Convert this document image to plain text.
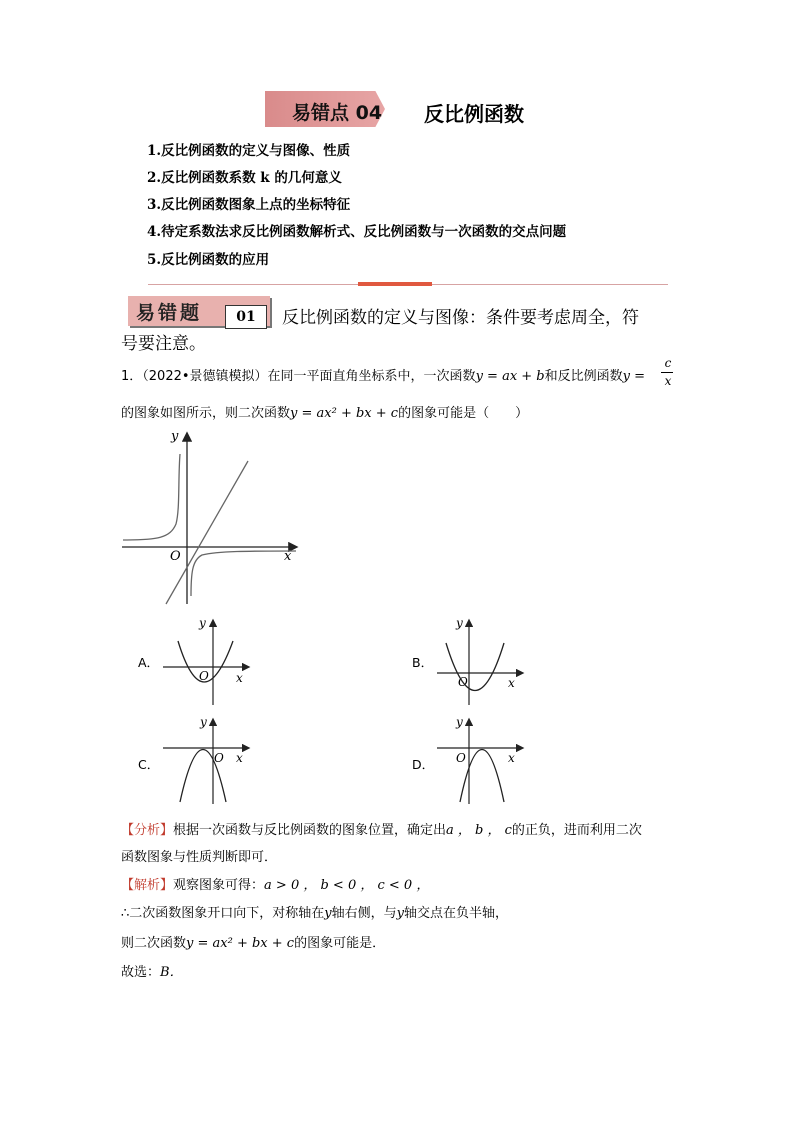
易错点 04 反比例函数
1.反比例函数的定义与图像、性质
2.反比例函数系数 k 的几何意义
3.反比例函数图象上点的坐标特征
4.待定系数法求反比例函数解析式、反比例函数与一次函数的交点问题
5.反比例函数的应用
易错题	01	反比例函数的定义与图像：条件要考虑周全，符
号要注意。
1．（2022•景德镇模拟）在同一平面直角坐标系中，一次函数y = ax + b和反比例函数y =
c
x
的图象如图所示，则二次函数y = ax² + bx + c的图象可能是（　　）
y
x
O
A．
y
x
O
B．
y
x
O
C．
y
x
O	D．
y
x
O
【分析】根据一次函数与反比例函数的图象位置，确定出a ， b ， c的正负，进而利用二次
函数图象与性质判断即可．
【解析】观察图象可得：a > 0 ， b < 0 ， c < 0 ，
∴二次函数图象开口向下，对称轴在y轴右侧，与y轴交点在负半轴，
则二次函数y = ax² + bx + c的图象可能是．
故选：B．
